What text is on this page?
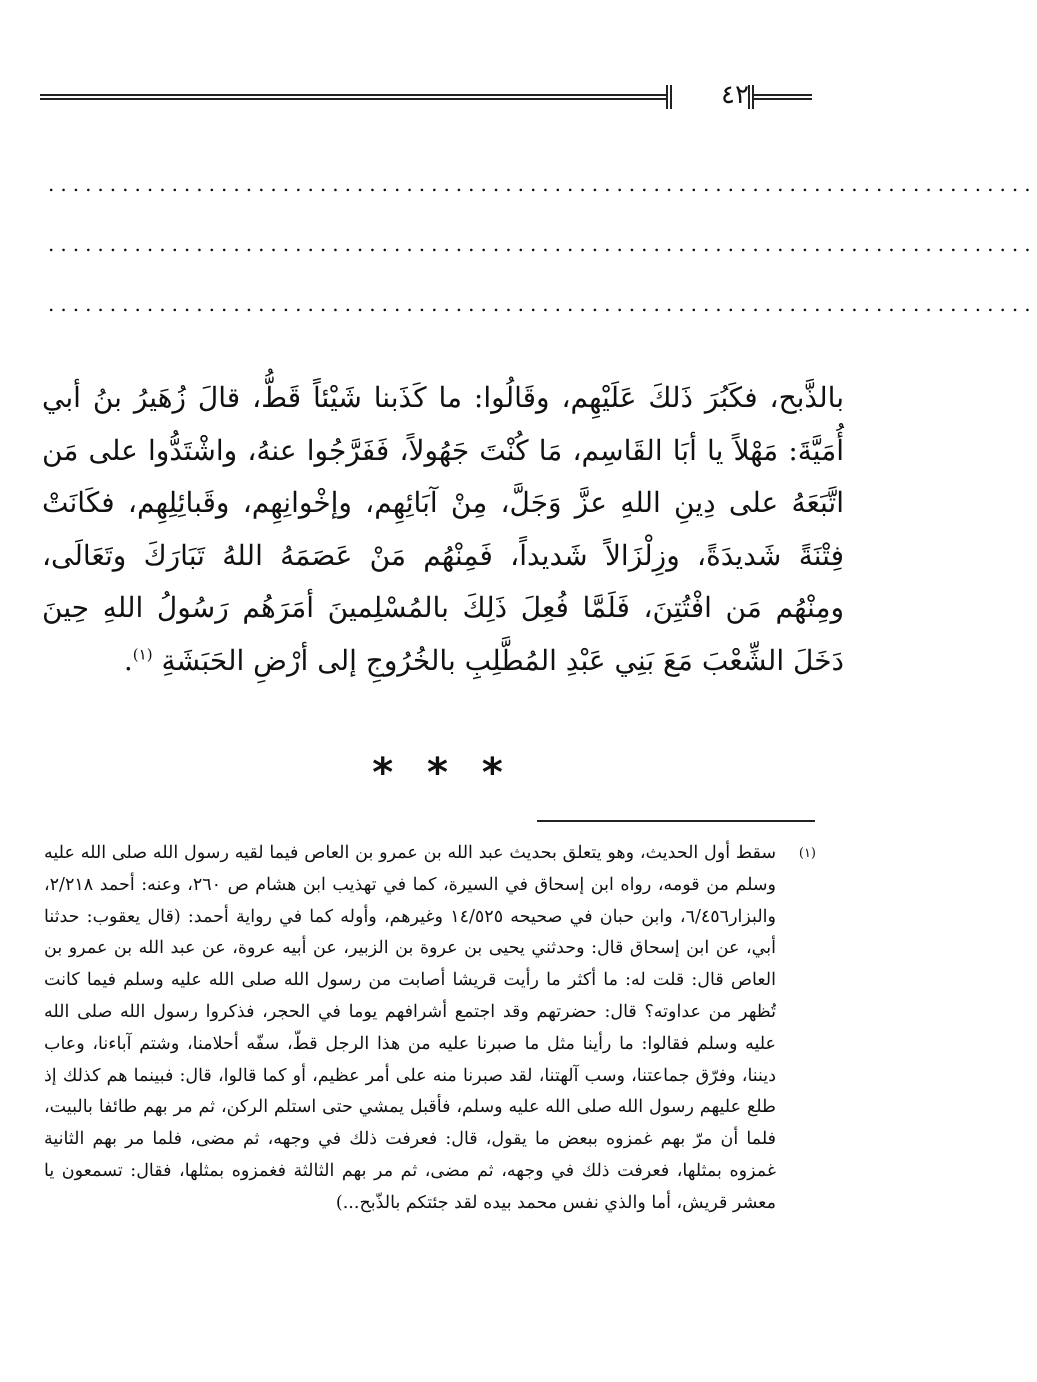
٤٢
................................................................................
................................................................................
................................................................................
بالذَّبح، فكَبُرَ ذَلكَ عَلَيْهِم، وقَالُوا: ما كَذَبنا شَيْئاً قَطُّ، قالَ زُهَيرُ بنُ أبي أُمَيَّةَ: مَهْلاً يا أبَا القَاسِم، مَا كُنْتَ جَهُولاً، فَفَرَّجُوا عنهُ، واشْتَدُّوا على مَن اتَّبَعَهُ على دِينِ اللهِ عزَّ وَجَلَّ، مِنْ آبَائِهِم، وإخْوانِهِم، وقَبائِلِهِم، فكَانَتْ فِتْنَةً شَديدَةً، وزِلْزَالاً شَديداً، فَمِنْهُم مَنْ عَصَمَهُ اللهُ تَبَارَكَ وتَعَالَى، ومِنْهُم مَن افْتُتِنَ، فَلَمَّا فُعِلَ ذَلِكَ بالمُسْلِمينَ أمَرَهُم رَسُولُ اللهِ حِينَ دَخَلَ الشِّعْبَ مَعَ بَنِي عَبْدِ المُطَّلِبِ بالخُرُوجِ إلى أرْضِ الحَبَشَةِ $^{(١)}$.
* * *
(١)
سقط أول الحديث، وهو يتعلق بحديث عبد الله بن عمرو بن العاص فيما لقيه رسول الله صلى الله عليه وسلم من قومه، رواه ابن إسحاق في السيرة، كما في تهذيب ابن هشام ص ٢٦٠، وعنه: أحمد ٢/٢١٨، والبزار٦/٤٥٦، وابن حبان في صحيحه ١٤/٥٢٥ وغيرهم، وأوله كما في رواية أحمد: (قال يعقوب: حدثنا أبي، عن ابن إسحاق قال: وحدثني يحيى بن عروة بن الزبير، عن أبيه عروة، عن عبد الله بن عمرو بن العاص قال: قلت له: ما أكثر ما رأيت قريشا أصابت من رسول الله صلى الله عليه وسلم فيما كانت تُظهر من عداوته؟ قال: حضرتهم وقد اجتمع أشرافهم يوما في الحجر، فذكروا رسول الله صلى الله عليه وسلم فقالوا: ما رأينا مثل ما صبرنا عليه من هذا الرجل قطّ، سفّه أحلامنا، وشتم آباءنا، وعاب ديننا، وفرّق جماعتنا، وسب آلهتنا، لقد صبرنا منه على أمر عظيم، أو كما قالوا، قال: فبينما هم كذلك إذ طلع عليهم رسول الله صلى الله عليه وسلم، فأقبل يمشي حتى استلم الركن، ثم مر بهم طائفا بالبيت، فلما أن مرّ بهم غمزوه ببعض ما يقول، قال: فعرفت ذلك في وجهه، ثم مضى، فلما مر بهم الثانية غمزوه بمثلها، فعرفت ذلك في وجهه، ثم مضى، ثم مر بهم الثالثة فغمزوه بمثلها، فقال: تسمعون يا معشر قريش، أما والذي نفس محمد بيده لقد جئتكم بالذّبح...)
